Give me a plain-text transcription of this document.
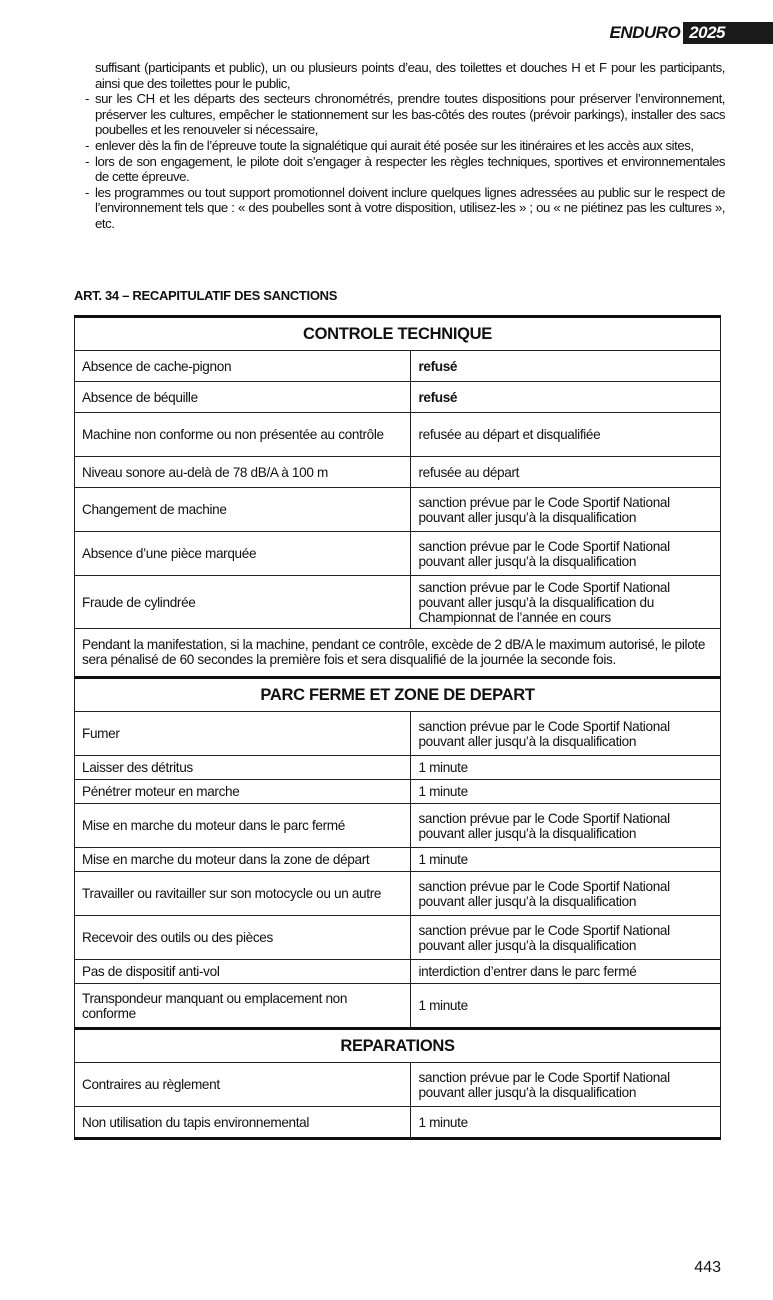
ENDURO 2025
suffisant (participants et public), un ou plusieurs points d’eau, des toilettes et douches H et F pour les participants, ainsi que des toilettes pour le public,
- sur les CH et les départs des secteurs chronométrés, prendre toutes dispositions pour préserver l’environnement, préserver les cultures, empêcher le stationnement sur les bas-côtés des routes (prévoir parkings), installer des sacs poubelles et les renouveler si nécessaire,
- enlever dès la fin de l’épreuve toute la signalétique qui aurait été posée sur les itinéraires et les accès aux sites,
- lors de son engagement, le pilote doit s’engager à respecter les règles techniques, sportives et environnementales de cette épreuve.
- les programmes ou tout support promotionnel doivent inclure quelques lignes adressées au public sur le respect de l’environnement tels que : « des poubelles sont à votre disposition, utilisez-les » ; ou « ne piétinez pas les cultures », etc.
ART. 34 – RECAPITULATIF DES SANCTIONS
CONTROLE TECHNIQUE	
Absence de cache-pignon	refusé
Absence de béquille	refusé
Machine non conforme ou non présentée au contrôle	refusée au départ et disqualifiée
Niveau sonore au-delà de 78 dB/A à 100 m	refusée au départ
Changement de machine	sanction prévue par le Code Sportif National pouvant aller jusqu’à la disqualification
Absence d’une pièce marquée	sanction prévue par le Code Sportif National pouvant aller jusqu’à la disqualification
Fraude de cylindrée	sanction prévue par le Code Sportif National pouvant aller jusqu’à la disqualification du Championnat de l’année en cours
Pendant la manifestation, si la machine, pendant ce contrôle, excède de 2 dB/A le maximum autorisé, le pilote sera pénalisé de 60 secondes la première fois et sera disqualifié de la journée la seconde fois.	
PARC FERME ET ZONE DE DEPART	
Fumer	sanction prévue par le Code Sportif National pouvant aller jusqu’à la disqualification
Laisser des détritus	1 minute
Pénétrer moteur en marche	1 minute
Mise en marche du moteur dans le parc fermé	sanction prévue par le Code Sportif National pouvant aller jusqu’à la disqualification
Mise en marche du moteur dans la zone de départ	1 minute
Travailler ou ravitailler sur son motocycle ou un autre	sanction prévue par le Code Sportif National pouvant aller jusqu’à la disqualification
Recevoir des outils ou des pièces	sanction prévue par le Code Sportif National pouvant aller jusqu’à la disqualification
Pas de dispositif anti-vol	interdiction d’entrer dans le parc fermé
Transpondeur manquant ou emplacement non conforme	1 minute
REPARATIONS	
Contraires au règlement	sanction prévue par le Code Sportif National pouvant aller jusqu’à la disqualification
Non utilisation du tapis environnemental	1 minute
443
